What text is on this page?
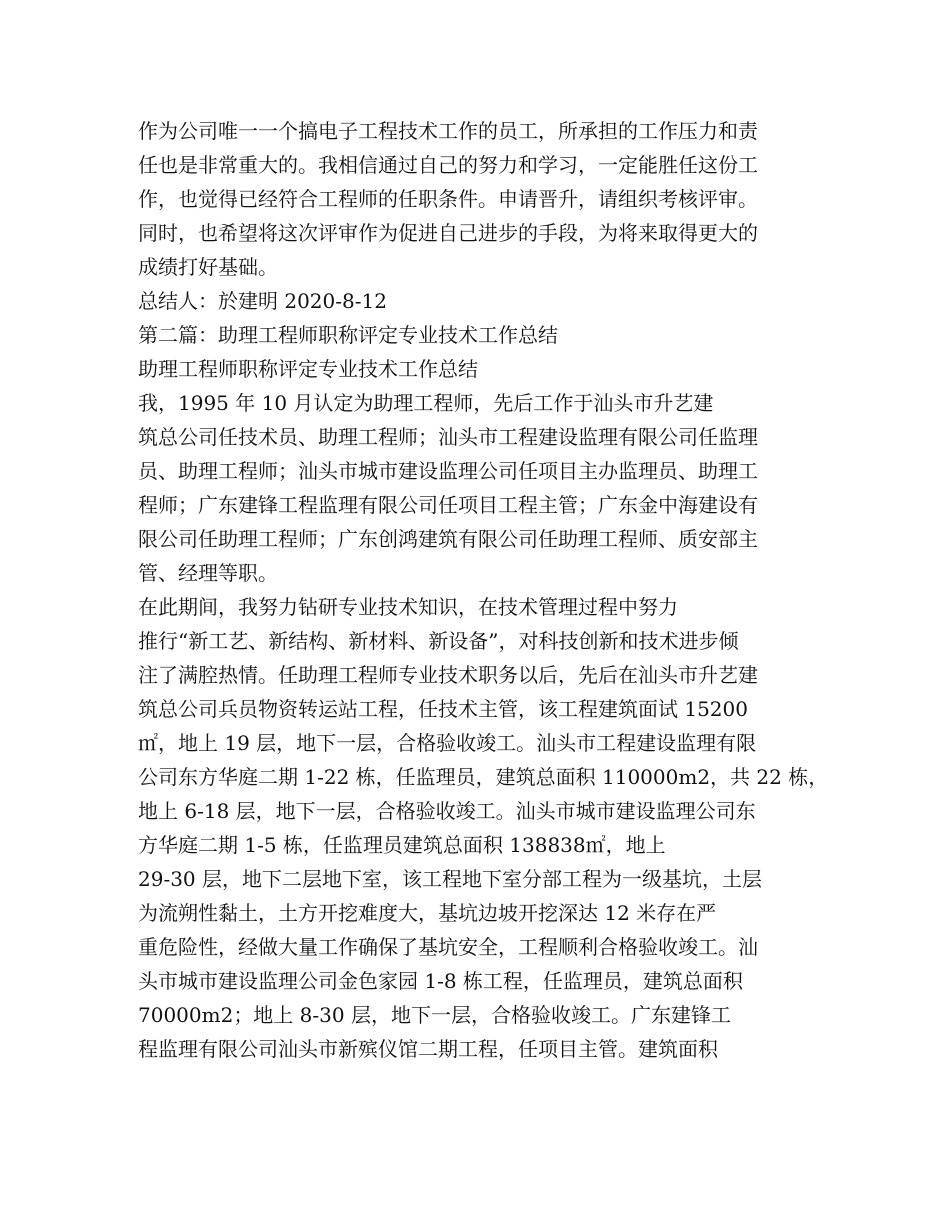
作为公司唯一一个搞电子工程技术工作的员工，所承担的工作压力和责
任也是非常重大的。我相信通过自己的努力和学习，一定能胜任这份工
作，也觉得已经符合工程师的任职条件。申请晋升，请组织考核评审。
同时，也希望将这次评审作为促进自己进步的手段，为将来取得更大的
成绩打好基础。
总结人：於建明 2020-8-12
第二篇：助理工程师职称评定专业技术工作总结
助理工程师职称评定专业技术工作总结
我，1995 年 10 月认定为助理工程师，先后工作于汕头市升艺建
筑总公司任技术员、助理工程师；汕头市工程建设监理有限公司任监理
员、助理工程师；汕头市城市建设监理公司任项目主办监理员、助理工
程师；广东建锋工程监理有限公司任项目工程主管；广东金中海建设有
限公司任助理工程师；广东创鸿建筑有限公司任助理工程师、质安部主
管、经理等职。
在此期间，我努力钻研专业技术知识，在技术管理过程中努力
推行“新工艺、新结构、新材料、新设备”，对科技创新和技术进步倾
注了满腔热情。任助理工程师专业技术职务以后，先后在汕头市升艺建
筑总公司兵员物资转运站工程，任技术主管，该工程建筑面试 15200
㎡，地上 19 层，地下一层，合格验收竣工。汕头市工程建设监理有限
公司东方华庭二期 1-22 栋，任监理员，建筑总面积 110000m2，共 22 栋，
地上 6-18 层，地下一层，合格验收竣工。汕头市城市建设监理公司东
方华庭二期 1-5 栋，任监理员建筑总面积 138838㎡，地上
29-30 层，地下二层地下室，该工程地下室分部工程为一级基坑，土层
为流朔性黏土，土方开挖难度大，基坑边坡开挖深达 12 米存在严
重危险性，经做大量工作确保了基坑安全，工程顺利合格验收竣工。汕
头市城市建设监理公司金色家园 1-8 栋工程，任监理员，建筑总面积
70000m2；地上 8-30 层，地下一层，合格验收竣工。广东建锋工
程监理有限公司汕头市新殡仪馆二期工程，任项目主管。建筑面积
